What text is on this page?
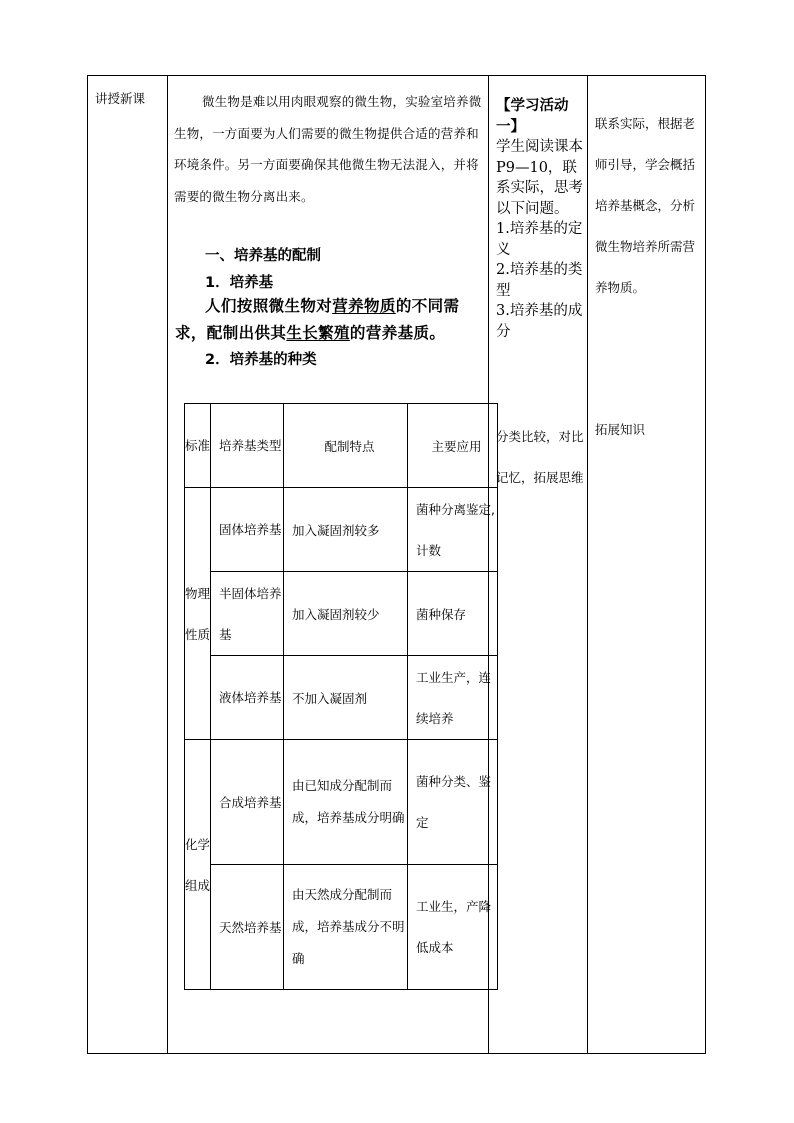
讲授新课	微生物是难以用肉眼观察的微生物，实验室培养微生物，一方面要为人们需要的微生物提供合适的营养和环境条件。另一方面要确保其他微生物无法混入，并将需要的微生物分离出来。

一、培养基的配制
1．培养基

人们按照微生物对营养物质的不同需求，配制出供其生长繁殖的营养基质。

2．培养基的种类
【学习活动一】
学生阅读课本P9—10，联系实际，思考以下问题。
1.培养基的定义
2.培养基的类型
3.培养基的成分
分类比较，对比记忆，拓展思维
联系实际，根据老师引导，学会概括培养基概念，分析微生物培养所需营养物质。
拓展知识
标准	培养基类型	配制特点	主要应用
物理性质	固体培养基	加入凝固剂较多	菌种分离鉴定,计数
	半固体培养基	加入凝固剂较少	菌种保存
	液体培养基	不加入凝固剂	工业生产，连续培养
化学组成	合成培养基	由已知成分配制而成，培养基成分明确	菌种分类、鉴定
	天然培养基	由天然成分配制而成，培养基成分不明确	工业生，产降低成本
